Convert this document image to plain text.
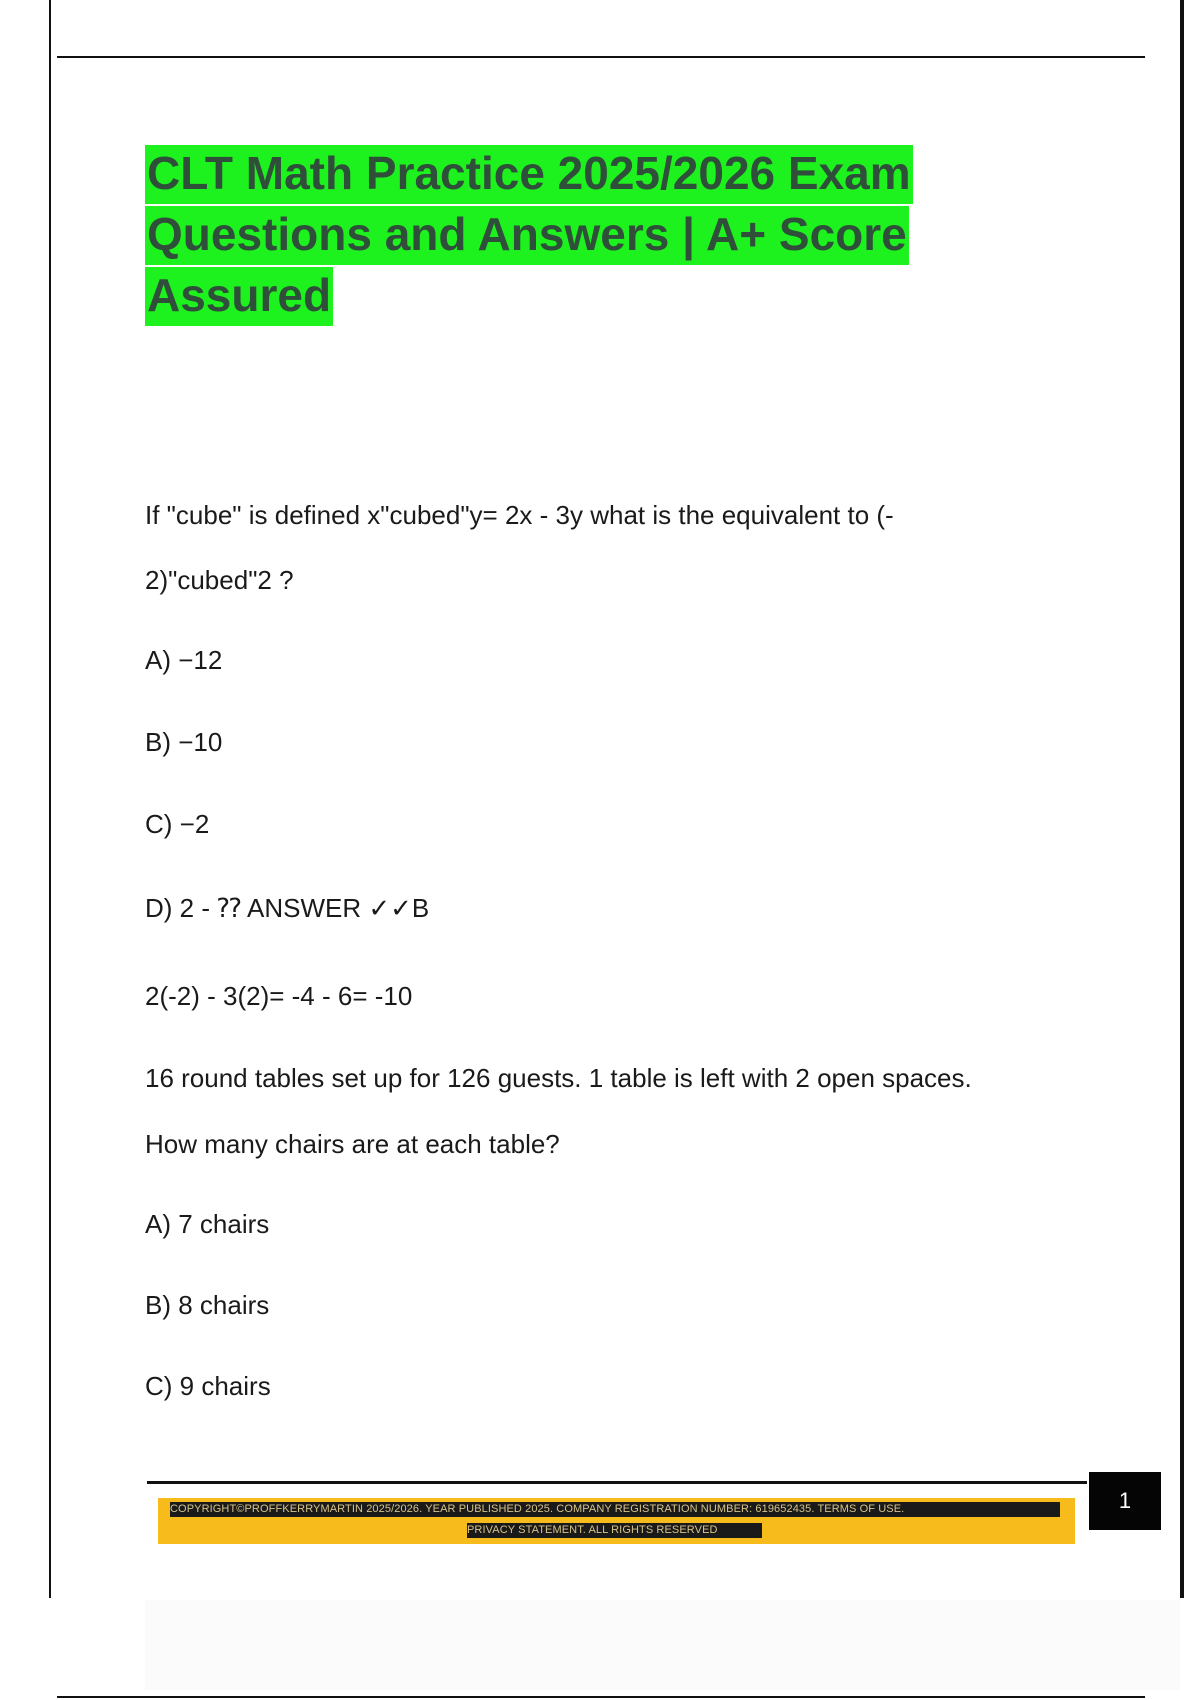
CLT Math Practice 2025/2026 Exam
Questions and Answers | A+ Score
Assured
If "cube" is defined x"cubed"y= 2x - 3y what is the equivalent to (-
2)"cubed"2 ?
A) −12
B) −10
C) −2
D) 2 - ⁇ ANSWER ✓✓B
2(-2) - 3(2)= -4 - 6= -10
16 round tables set up for 126 guests. 1 table is left with 2 open spaces.
How many chairs are at each table?
A) 7 chairs
B) 8 chairs
C) 9 chairs
COPYRIGHT©PROFFKERRYMARTIN 2025/2026. YEAR PUBLISHED 2025. COMPANY REGISTRATION NUMBER: 619652435. TERMS OF USE.
PRIVACY STATEMENT. ALL RIGHTS RESERVED
1
